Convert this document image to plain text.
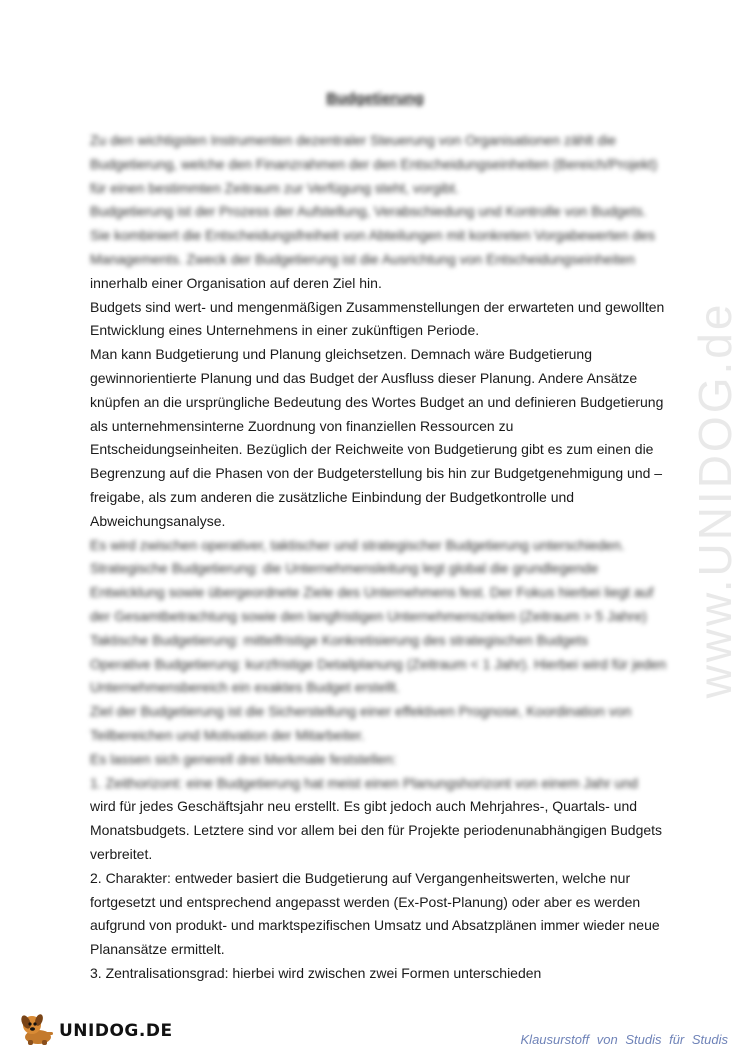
www.UNIDOG.de
Budgetierung
Zu den wichtigsten Instrumenten dezentraler Steuerung von Organisationen zählt die
Budgetierung, welche den Finanzrahmen der den Entscheidungseinheiten (Bereich/Projekt)
für einen bestimmten Zeitraum zur Verfügung steht, vorgibt.
Budgetierung ist der Prozess der Aufstellung, Verabschiedung und Kontrolle von Budgets.
Sie kombiniert die Entscheidungsfreiheit von Abteilungen mit konkreten Vorgabewerten des
Managements. Zweck der Budgetierung ist die Ausrichtung von Entscheidungseinheiten
innerhalb einer Organisation auf deren Ziel hin.
Budgets sind wert- und mengenmäßigen Zusammenstellungen der erwarteten und gewollten
Entwicklung eines Unternehmens in einer zukünftigen Periode.
Man kann Budgetierung und Planung gleichsetzen. Demnach wäre Budgetierung
gewinnorientierte Planung und das Budget der Ausfluss dieser Planung. Andere Ansätze
knüpfen an die ursprüngliche Bedeutung des Wortes Budget an und definieren Budgetierung
als unternehmensinterne Zuordnung von finanziellen Ressourcen zu
Entscheidungseinheiten. Bezüglich der Reichweite von Budgetierung gibt es zum einen die
Begrenzung auf die Phasen von der Budgeterstellung bis hin zur Budgetgenehmigung und –
freigabe, als zum anderen die zusätzliche Einbindung der Budgetkontrolle und
Abweichungsanalyse.
Es wird zwischen operativer, taktischer und strategischer Budgetierung unterschieden.
Strategische Budgetierung: die Unternehmensleitung legt global die grundlegende
Entwicklung sowie übergeordnete Ziele des Unternehmens fest. Der Fokus hierbei liegt auf
der Gesamtbetrachtung sowie den langfristigen Unternehmenszielen (Zeitraum > 5 Jahre)
Taktische Budgetierung: mittelfristige Konkretisierung des strategischen Budgets
Operative Budgetierung: kurzfristige Detailplanung (Zeitraum < 1 Jahr). Hierbei wird für jeden
Unternehmensbereich ein exaktes Budget erstellt.
Ziel der Budgetierung ist die Sicherstellung einer effektiven Prognose, Koordination von
Teilbereichen und Motivation der Mitarbeiter.
Es lassen sich generell drei Merkmale feststellen:
1. Zeithorizont: eine Budgetierung hat meist einen Planungshorizont von einem Jahr und
wird für jedes Geschäftsjahr neu erstellt. Es gibt jedoch auch Mehrjahres-, Quartals- und
Monatsbudgets. Letztere sind vor allem bei den für Projekte periodenunabhängigen Budgets
verbreitet.
2. Charakter: entweder basiert die Budgetierung auf Vergangenheitswerten, welche nur
fortgesetzt und entsprechend angepasst werden (Ex-Post-Planung) oder aber es werden
aufgrund von produkt- und marktspezifischen Umsatz und Absatzplänen immer wieder neue
Planansätze ermittelt.
3. Zentralisationsgrad: hierbei wird zwischen zwei Formen unterschieden
UNIDOG.DE	Klausurstoff von Studis für Studis
